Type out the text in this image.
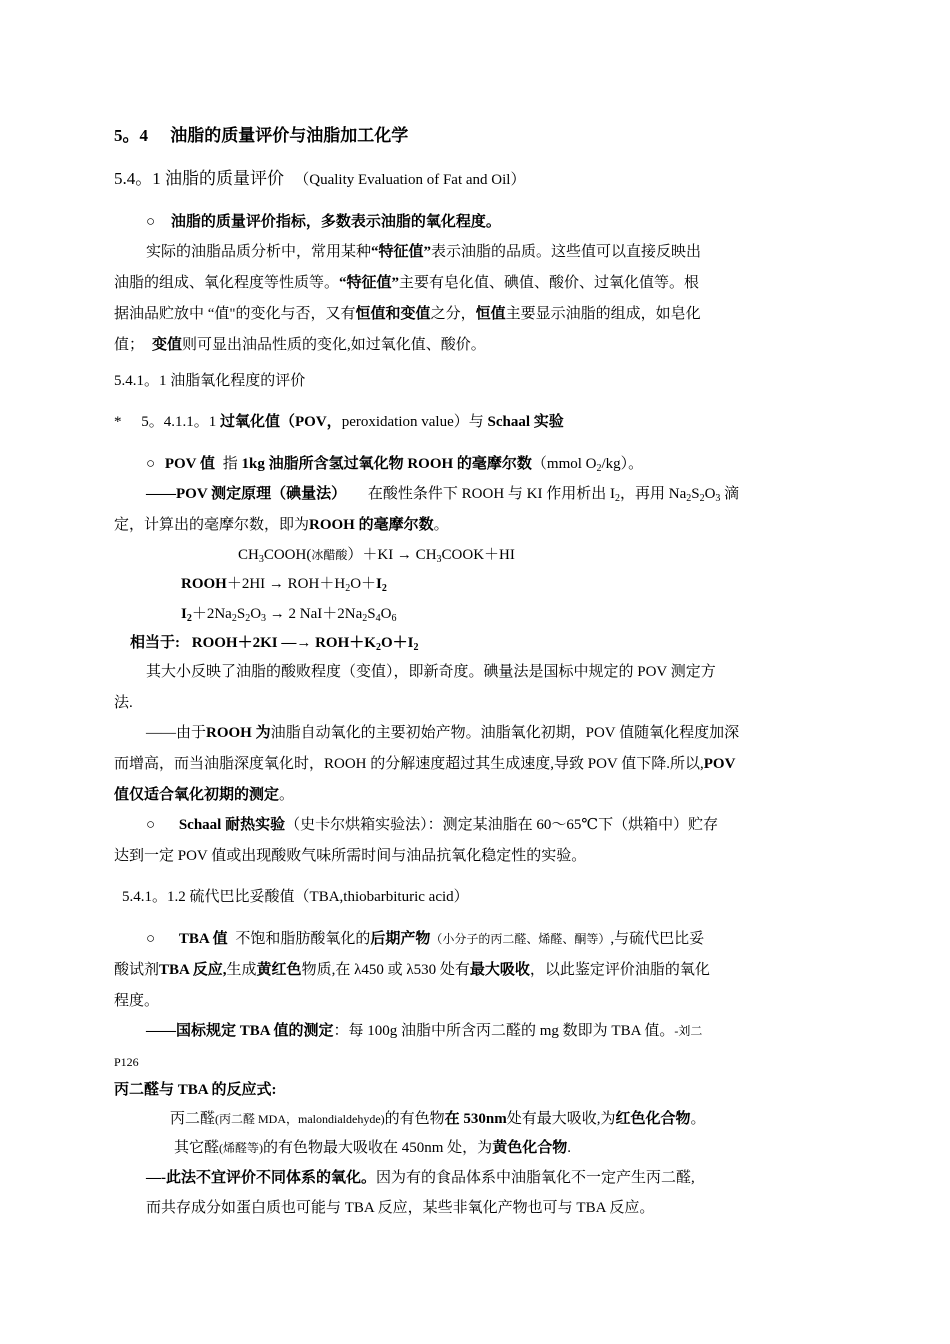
5。4 油脂的质量评价与油脂加工化学
5.4。1 油脂的质量评价 （Quality Evaluation of Fat and Oil）
○ 油脂的质量评价指标，多数表示油脂的氧化程度。
实际的油脂品质分析中，常用某种“特征值”表示油脂的品质。这些值可以直接反映出
油脂的组成、氧化程度等性质等。“特征值”主要有皂化值、碘值、酸价、过氧化值等。根
据油品贮放中 “值"的变化与否，又有恒值和变值之分，恒值主要显示油脂的组成，如皂化
值； 变值则可显出油品性质的变化,如过氧化值、酸价。
5.4.1。1 油脂氧化程度的评价
* 5。4.1.1。1 过氧化值（POV，peroxidation value）与 Schaal 实验
○ POV 值 指 1kg 油脂所含氢过氧化物 ROOH 的毫摩尔数（mmol $O_2/kg$）。
——POV 测定原理（碘量法） 在酸性条件下 ROOH 与 KI 作用析出 $I_2$，再用 $Na_2S_2O_3$ 滴
定，计算出的毫摩尔数，即为ROOH 的毫摩尔数。
$CH_3COOH$(冰醋酸）$+KI \to CH_3COOK+HI$
ROOH＋2HI → $ROH+H_2O+I_2$
$I_2+2Na_2S_2O_3 \to 2$ $NaI+2Na_2S_4O_6$
相当于: ROOH＋2KI —→ $ROH+K_2O+I_2$
其大小反映了油脂的酸败程度（变值），即新奇度。碘量法是国标中规定的 POV 测定方
法.
——由于ROOH 为油脂自动氧化的主要初始产物。油脂氧化初期，POV 值随氧化程度加深
而增高，而当油脂深度氧化时，ROOH 的分解速度超过其生成速度,导致 POV 值下降.所以,POV
值仅适合氧化初期的测定。
○ Schaal 耐热实验（史卡尔烘箱实验法）：测定某油脂在 60～65℃下（烘箱中）贮存
达到一定 POV 值或出现酸败气味所需时间与油品抗氧化稳定性的实验。
5.4.1。1.2 硫代巴比妥酸值（TBA,thiobarbituric acid）
○ TBA 值 不饱和脂肪酸氧化的后期产物（小分子的丙二醛、烯醛、酮等）,与硫代巴比妥
酸试剂TBA 反应,生成黄红色物质,在 λ450 或 λ530 处有最大吸收，以此鉴定评价油脂的氧化
程度。
——国标规定 TBA 值的测定：每 100g 油脂中所含丙二醛的 mg 数即为 TBA 值。-刘二
P126
丙二醛与 TBA 的反应式:
丙二醛(丙二醛 MDA，malondialdehyde)的有色物在 530nm处有最大吸收,为红色化合物。
其它醛(烯醛等)的有色物最大吸收在 450nm 处，为黄色化合物.
—-此法不宜评价不同体系的氧化。因为有的食品体系中油脂氧化不一定产生丙二醛,
而共存成分如蛋白质也可能与 TBA 反应，某些非氧化产物也可与 TBA 反应。
